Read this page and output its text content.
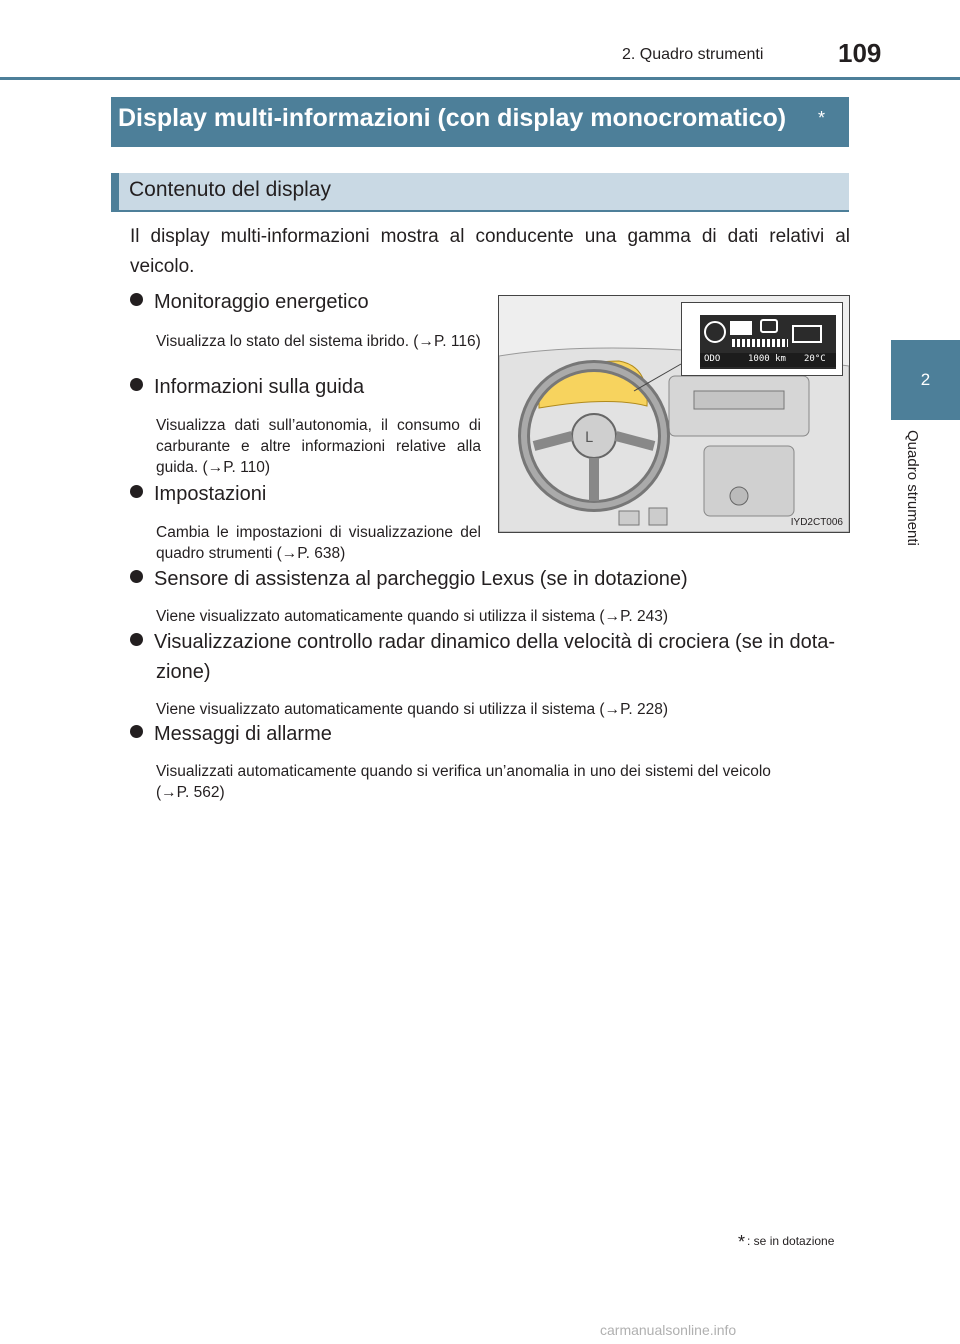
2. Quadro strumenti	109
2
Quadro strumenti
Display multi-informazioni (con display monocromatico) *
Contenuto del display
Il display multi-informazioni mostra al conducente una gamma di dati relativi al veicolo.
Monitoraggio energetico
Visualizza lo stato del sistema ibrido. (→P. 116)
Informazioni sulla guida
Visualizza dati sull’autonomia, il consumo di carburante e altre informazioni relative alla guida. (→P. 110)
Impostazioni
Cambia le impostazioni di visualizzazione del quadro strumenti (→P. 638)
Sensore di assistenza al parcheggio Lexus (se in dotazione)
Viene visualizzato automaticamente quando si utilizza il sistema (→P. 243)
Visualizzazione controllo radar dinamico della velocità di crociera (se in dota-
zione)
Viene visualizzato automaticamente quando si utilizza il sistema (→P. 228)
Messaggi di allarme
Visualizzati automaticamente quando si verifica un’anomalia in uno dei sistemi del veicolo
(→P. 562)
L
ODO	1000 km 20°C
IYD2CT006
* : se in dotazione
carmanualsonline.info
